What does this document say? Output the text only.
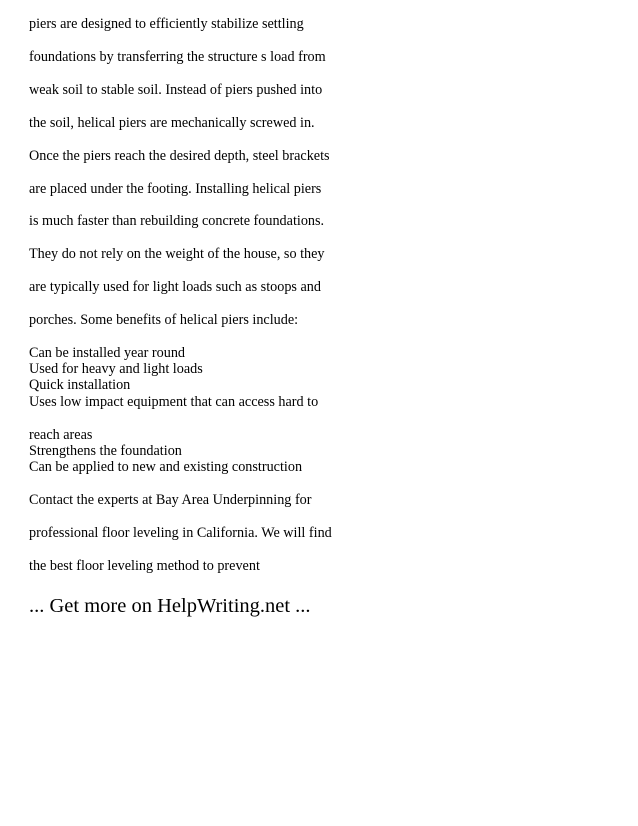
piers are designed to efficiently stabilize settling
foundations by transferring the structure s load from
weak soil to stable soil. Instead of piers pushed into
the soil, helical piers are mechanically screwed in.
Once the piers reach the desired depth, steel brackets
are placed under the footing. Installing helical piers
is much faster than rebuilding concrete foundations.
They do not rely on the weight of the house, so they
are typically used for light loads such as stoops and
porches. Some benefits of helical piers include:
Can be installed year round
Used for heavy and light loads
Quick installation
Uses low impact equipment that can access hard to
reach areas
Strengthens the foundation
Can be applied to new and existing construction
Contact the experts at Bay Area Underpinning for
professional floor leveling in California. We will find
the best floor leveling method to prevent
... Get more on HelpWriting.net ...
